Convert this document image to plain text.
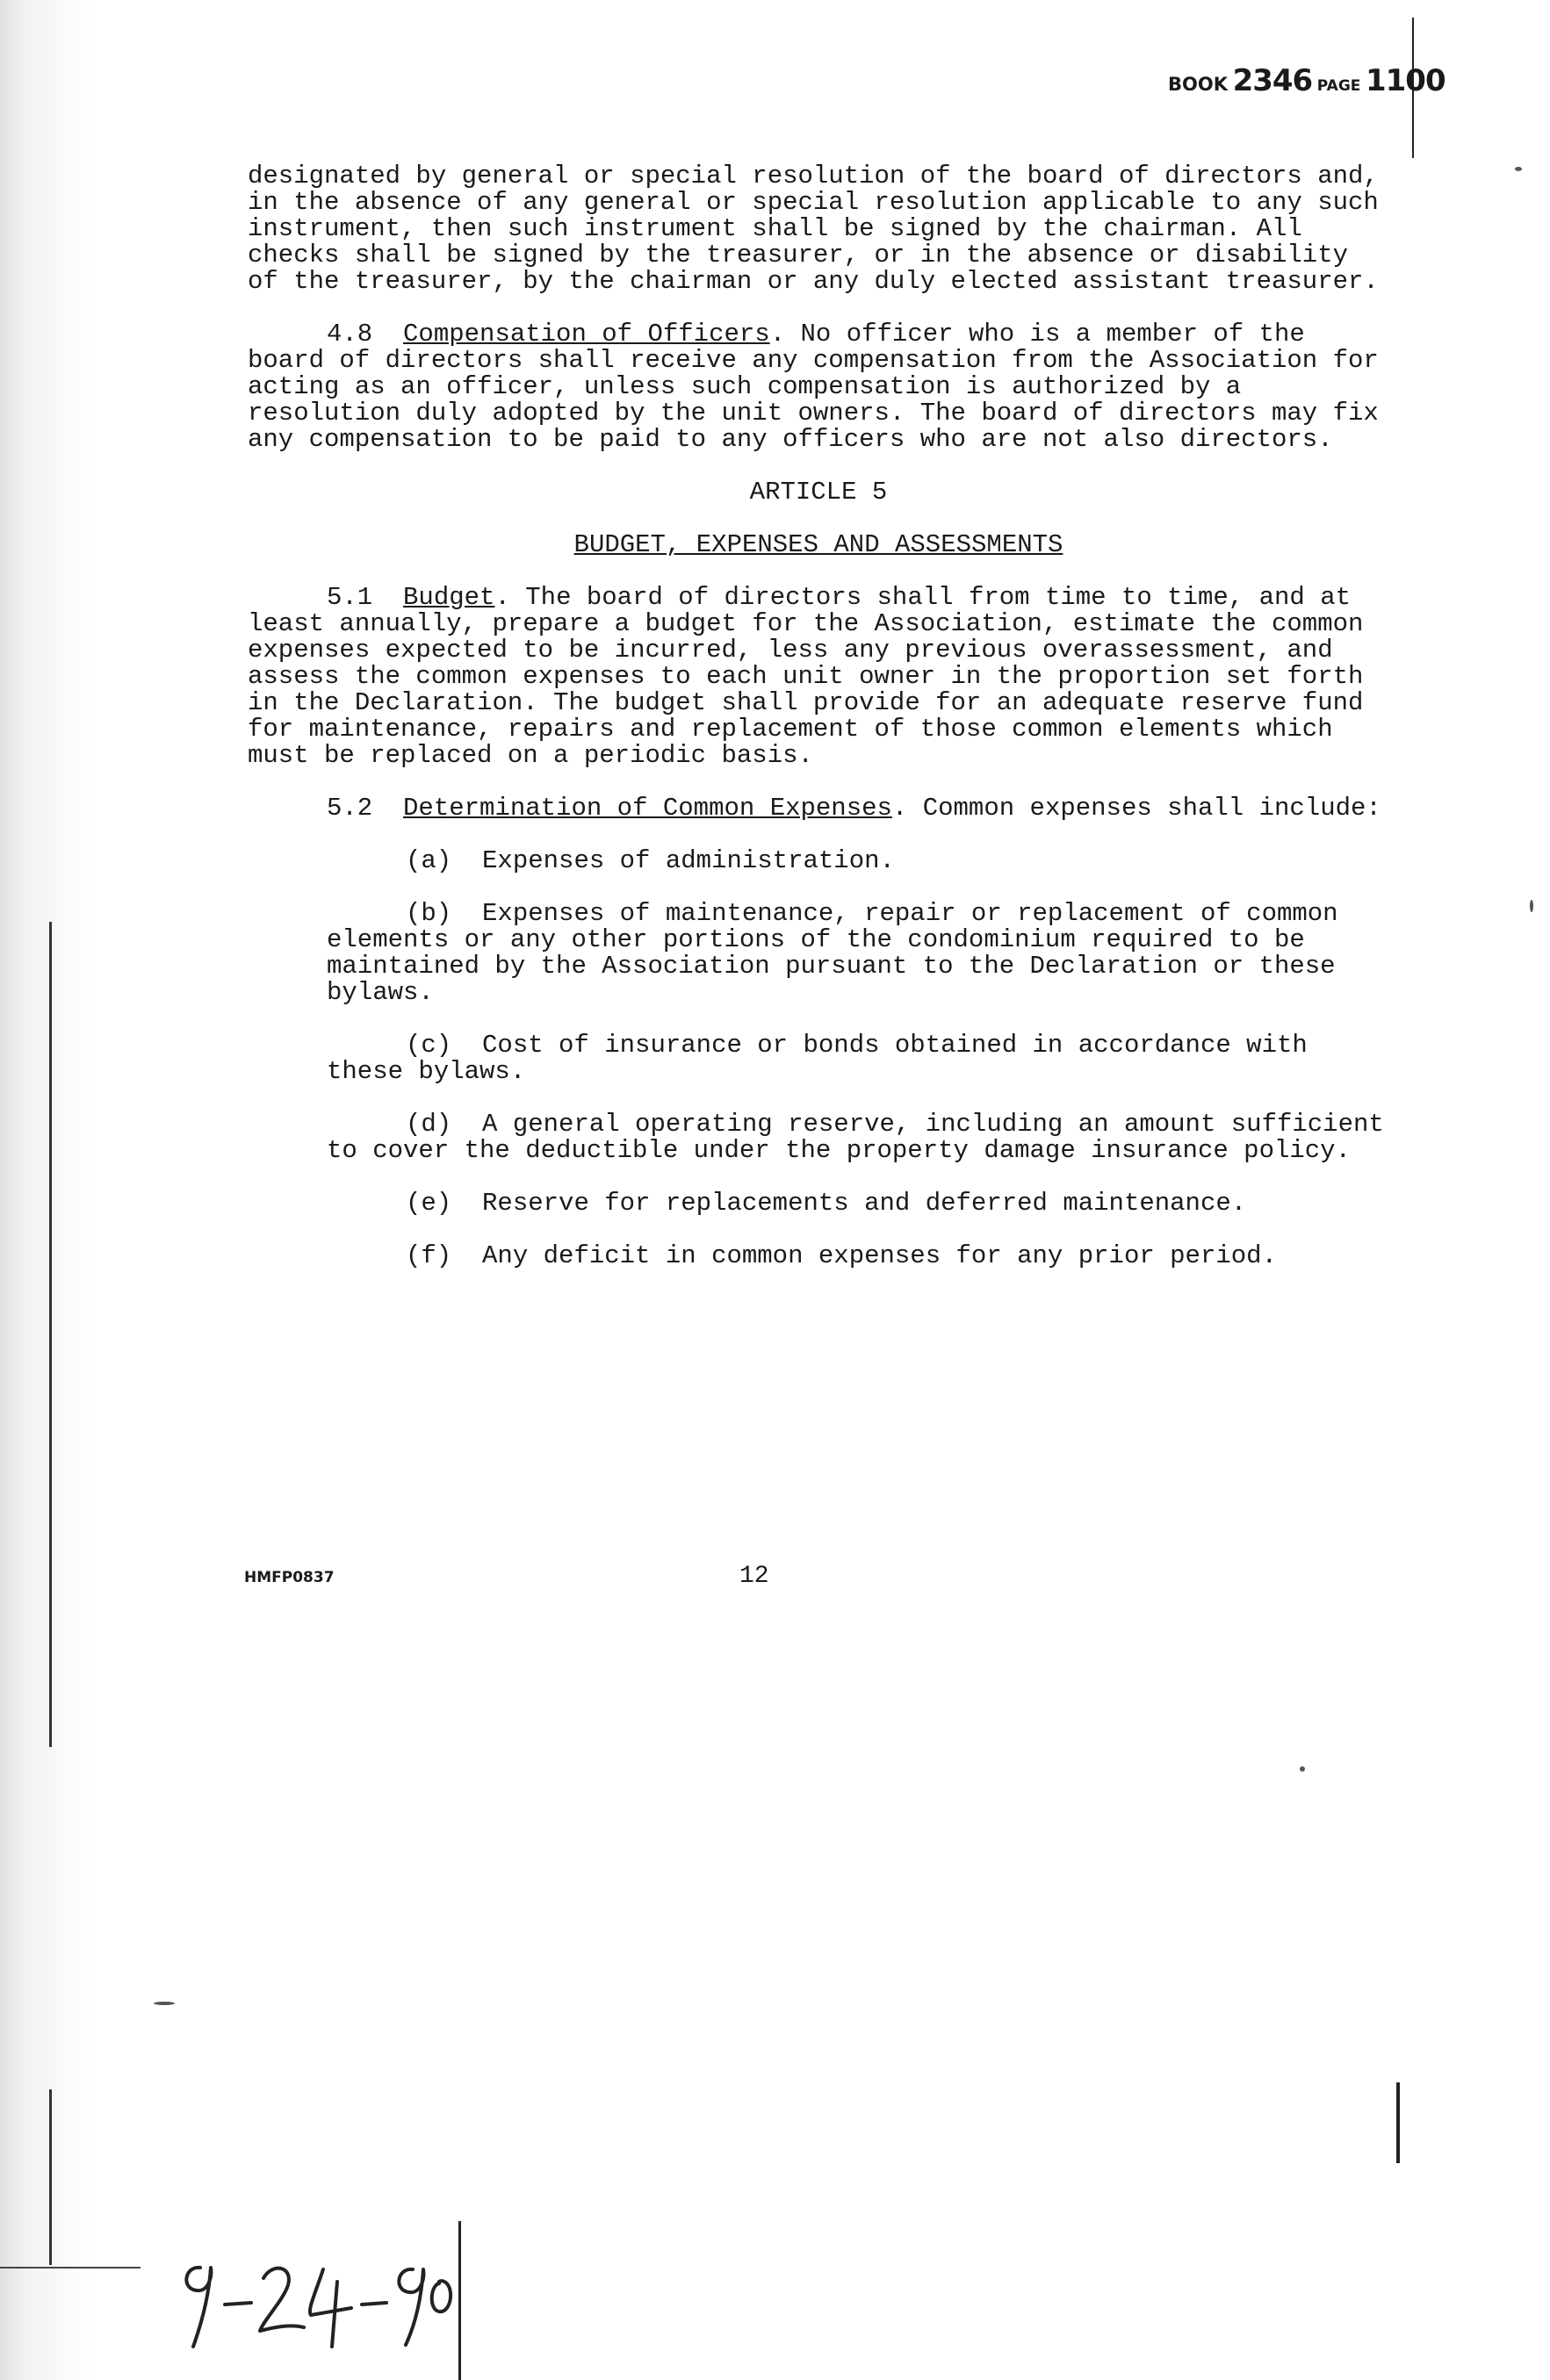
BOOK 2346 PAGE 1100

designated by general or special resolution of the board of directors and, in the absence of any general or special resolution applicable to any such instrument, then such instrument shall be signed by the chairman. All checks shall be signed by the treasurer, or in the absence or disability of the treasurer, by the chairman or any duly elected assistant treasurer.

4.8 Compensation of Officers. No officer who is a member of the board of directors shall receive any compensation from the Association for acting as an officer, unless such compensation is authorized by a resolution duly adopted by the unit owners. The board of directors may fix any compensation to be paid to any officers who are not also directors.

ARTICLE 5
BUDGET, EXPENSES AND ASSESSMENTS

5.1 Budget. The board of directors shall from time to time, and at least annually, prepare a budget for the Association, estimate the common expenses expected to be incurred, less any previous overassessment, and assess the common expenses to each unit owner in the proportion set forth in the Declaration. The budget shall provide for an adequate reserve fund for maintenance, repairs and replacement of those common elements which must be replaced on a periodic basis.

5.2 Determination of Common Expenses. Common expenses shall include:

(a) Expenses of administration.

(b) Expenses of maintenance, repair or replacement of common elements or any other portions of the condominium required to be maintained by the Association pursuant to the Declaration or these bylaws.

(c) Cost of insurance or bonds obtained in accordance with these bylaws.

(d) A general operating reserve, including an amount sufficient to cover the deductible under the property damage insurance policy.

(e) Reserve for replacements and deferred maintenance.

(f) Any deficit in common expenses for any prior period.

HMFP0837	12
